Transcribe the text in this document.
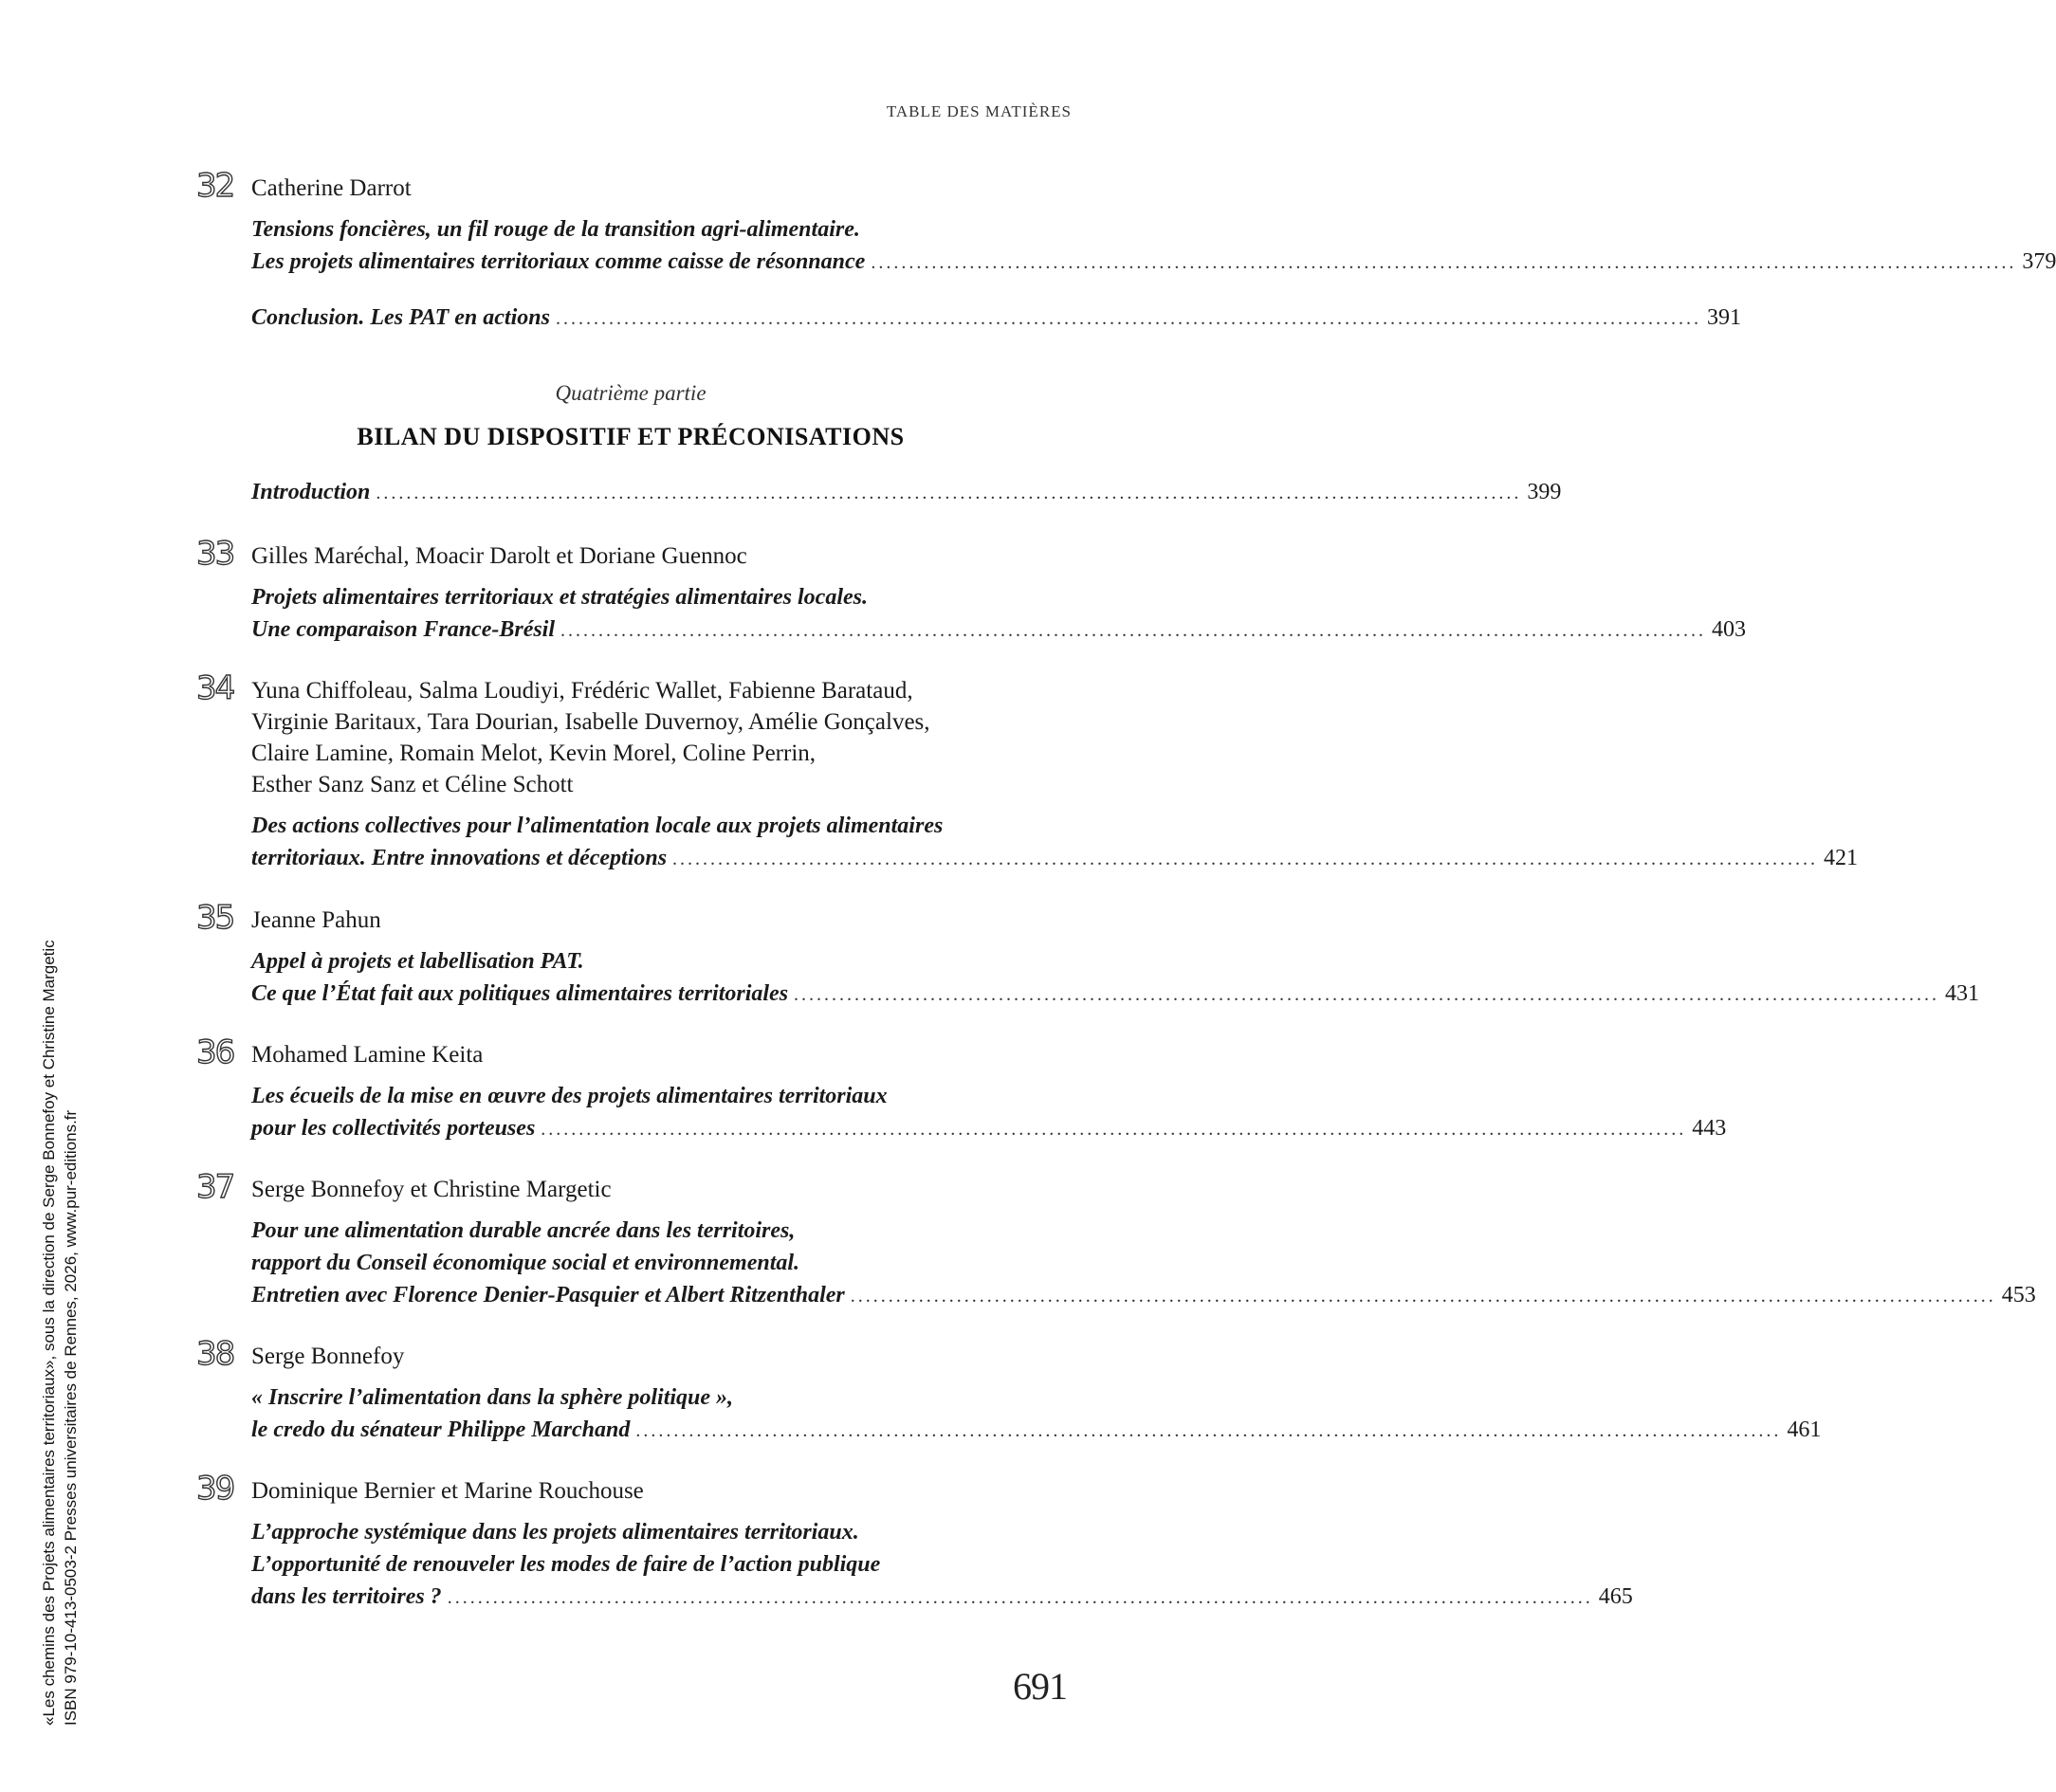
TABLE DES MATIÈRES
32 Catherine Darrot
Tensions foncières, un fil rouge de la transition agri-alimentaire.
Les projets alimentaires territoriaux comme caisse de résonnance ....................................................................................................................................................... 379
Conclusion. Les PAT en actions ....................................................................................................................................................... 391
Quatrième partie
BILAN DU DISPOSITIF ET PRÉCONISATIONS
Introduction ....................................................................................................................................................... 399
33 Gilles Maréchal, Moacir Darolt et Doriane Guennoc
Projets alimentaires territoriaux et stratégies alimentaires locales.
Une comparaison France-Brésil ....................................................................................................................................................... 403
34 Yuna Chiffoleau, Salma Loudiyi, Frédéric Wallet, Fabienne Barataud,
Virginie Baritaux, Tara Dourian, Isabelle Duvernoy, Amélie Gonçalves,
Claire Lamine, Romain Melot, Kevin Morel, Coline Perrin,
Esther Sanz Sanz et Céline Schott
Des actions collectives pour l’alimentation locale aux projets alimentaires
territoriaux. Entre innovations et déceptions ....................................................................................................................................................... 421
35 Jeanne Pahun
Appel à projets et labellisation PAT.
Ce que l’État fait aux politiques alimentaires territoriales ....................................................................................................................................................... 431
36 Mohamed Lamine Keita
Les écueils de la mise en œuvre des projets alimentaires territoriaux
pour les collectivités porteuses ....................................................................................................................................................... 443
37 Serge Bonnefoy et Christine Margetic
Pour une alimentation durable ancrée dans les territoires,
rapport du Conseil économique social et environnemental.
Entretien avec Florence Denier-Pasquier et Albert Ritzenthaler ....................................................................................................................................................... 453
38 Serge Bonnefoy
« Inscrire l’alimentation dans la sphère politique »,
le credo du sénateur Philippe Marchand ....................................................................................................................................................... 461
39 Dominique Bernier et Marine Rouchouse
L’approche systémique dans les projets alimentaires territoriaux.
L’opportunité de renouveler les modes de faire de l’action publique
dans les territoires ? ....................................................................................................................................................... 465
«Les chemins des Projets alimentaires territoriaux», sous la direction de Serge Bonnefoy et Christine Margetic ISBN 979-10-413-0503-2 Presses universitaires de Rennes, 2026, www.pur-editions.fr	691
